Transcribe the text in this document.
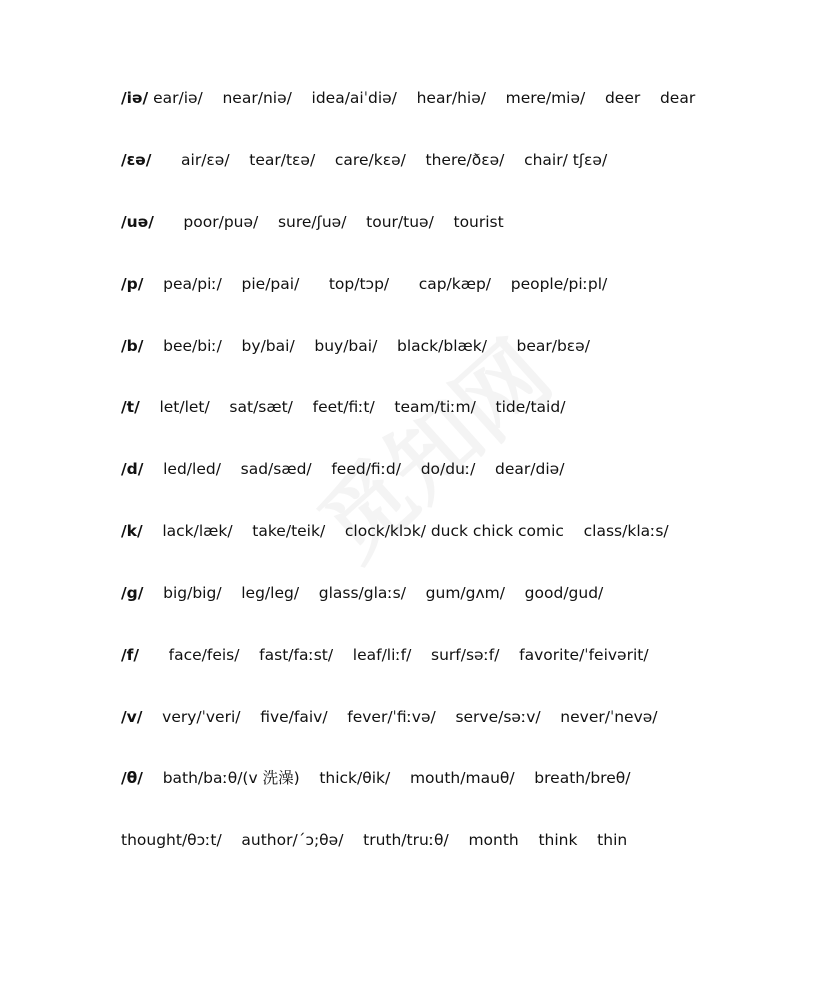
/iə/ ear/iə/    near/niə/    idea/aiˈdiə/    hear/hiə/    mere/miə/    deer    dear
/εə/      air/εə/    tear/tεə/    care/kεə/    there/ðεə/    chair/ tʃεə/
/uə/      poor/puə/    sure/ʃuə/    tour/tuə/    tourist
/p/    pea/piː/    pie/pai/      top/tɔp/      cap/kæp/    people/piːpl/
/b/    bee/biː/    by/bai/    buy/bai/    black/blæk/      bear/bεə/
/t/    let/let/    sat/sæt/    feet/fiːt/    team/tiːm/    tide/taid/
/d/    led/led/    sad/sæd/    feed/fiːd/    do/duː/    dear/diə/
/k/    lack/læk/    take/teik/    clock/klɔk/ duck chick comic    class/klaːs/
/g/    big/big/    leg/leg/    glass/glaːs/    gum/gʌm/    good/gud/
/f/      face/feis/    fast/faːst/    leaf/liːf/    surf/səːf/    favorite/ˈfeivərit/
/v/    very/ˈveri/    five/faiv/    fever/ˈfiːvə/    serve/səːv/    never/ˈnevə/
/θ/    bath/baːθ/(v 洗澡)    thick/θik/    mouth/mauθ/    breath/breθ/
thought/θɔːt/    author/´ɔ;θə/    truth/truːθ/    month    think    thin
